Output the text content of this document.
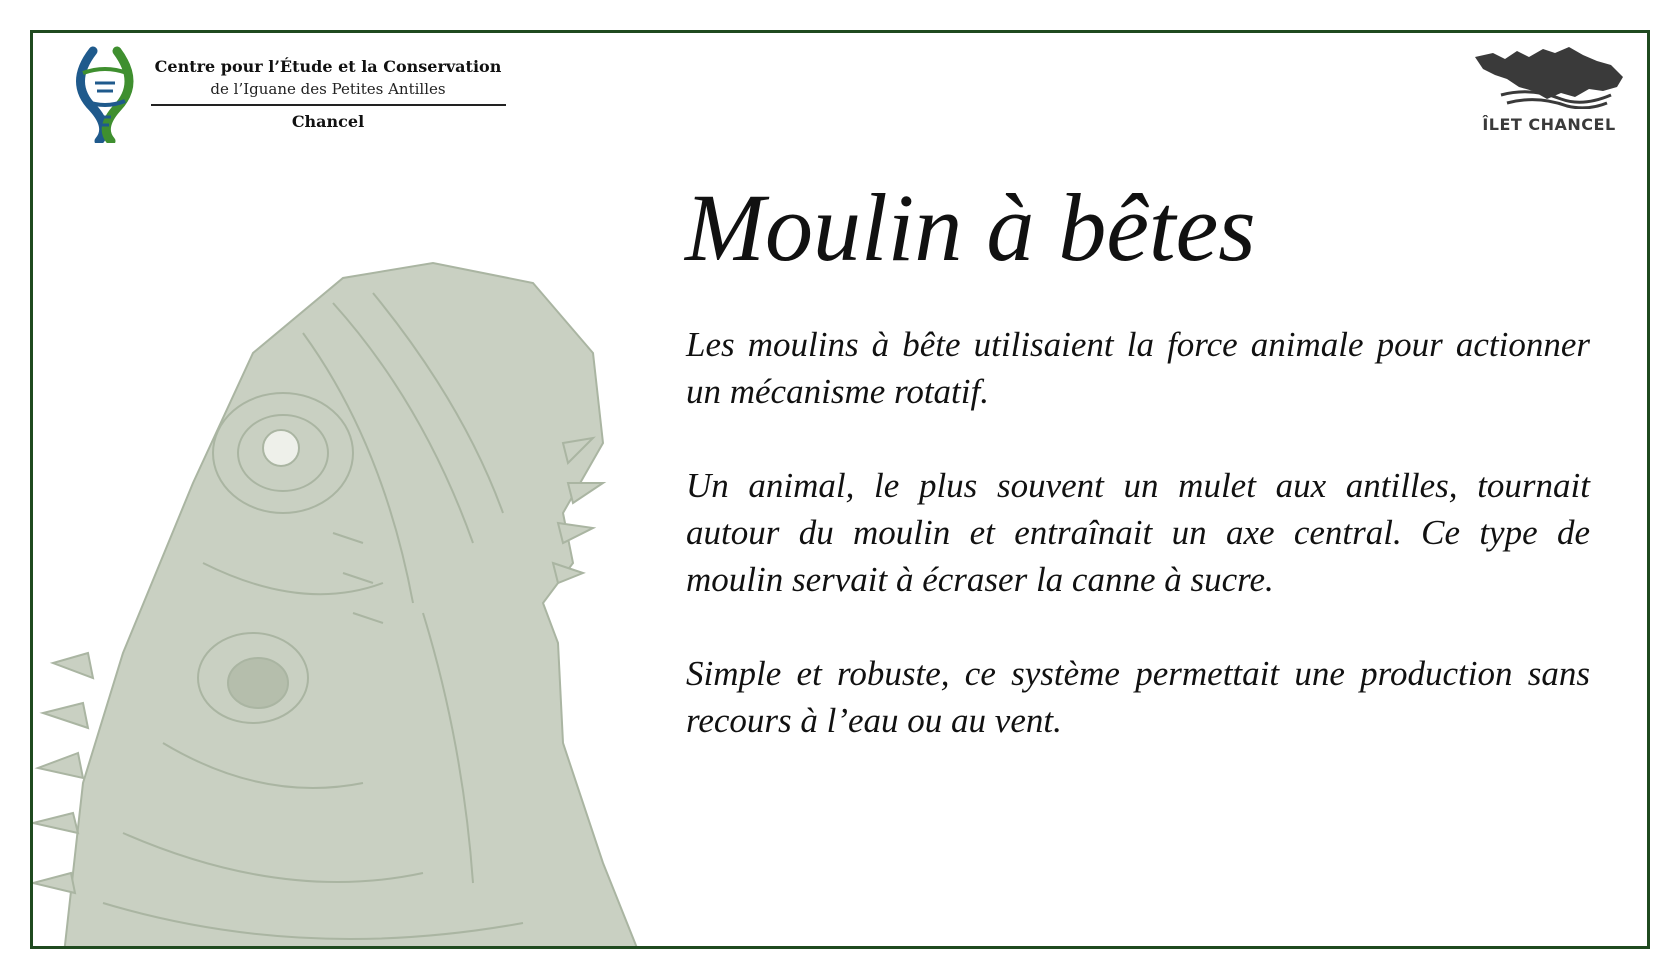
Centre pour l’Étude et la Conservation
de l’Iguane des Petites Antilles
Chancel	ÎLET CHANCEL
Moulin à bêtes

Les moulins à bête utilisaient la force animale pour actionner un mécanisme rotatif.

Un animal, le plus souvent un mulet aux antilles, tournait autour du moulin et entraînait un axe central. Ce type de moulin servait à écraser la canne à sucre.

Simple et robuste, ce système permettait une production sans recours à l’eau ou au vent.
